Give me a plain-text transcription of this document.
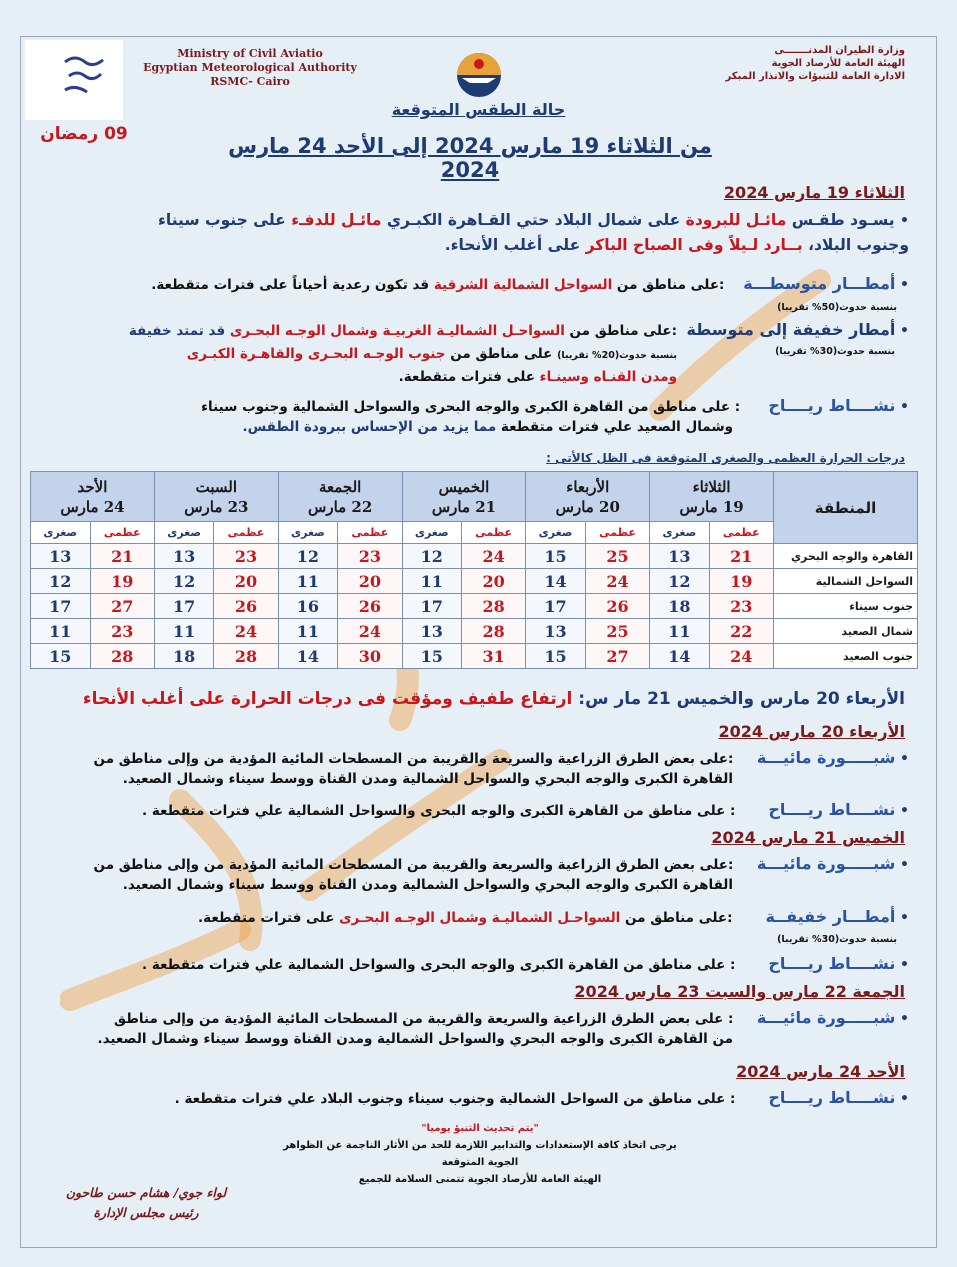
Ministry of Civil Aviatio
Egyptian Meteorological Authority
RSMC- Cairo
وزارة الطيران المدنـــــــى
الهيئة العامة للأرصاد الجوية
الادارة العامة للتنبؤات والانذار المبكر
09 رمضان
حالة الطقس المتوقعة
من الثلاثاء 19 مارس 2024 إلى الأحد 24 مارس 2024
الثلاثاء 19 مارس 2024
• يسـود طقـس مائـل للبرودة على شمال البلاد حتي القـاهرة الكبـري مائـل للدفـء على جنوب سيناء
وجنوب البلاد، بــارد لـيلاً وفى الصباح الباكر على أغلب الأنحاء.
• أمطـــار متوسطـــة    :على مناطق من السواحل الشمالية الشرقية قد تكون رعدية أحياناً على فترات متقطعة.
بنسبة حدوث(50% تقريبا)
• أمطار خفيفة إلى متوسطة  :على مناطق من السواحـل الشماليـة الغربيـة وشمال الوجـه البحـرى قد تمتد خفيفة
بنسبة حدوث(30% تقريبا)
بنسبة حدوث(20% تقريبا) على مناطق من جنوب الوجـه البحـرى والقاهـرة الكبـرى
ومدن القنـاه وسينـاء على فترات متقطعة.
• نشــــاط ريــــاح      : على مناطق من القاهرة الكبرى والوجه البحرى والسواحل الشمالية وجنوب سيناء
وشمال الصعيد علي فترات متقطعة مما يزيد من الإحساس ببرودة الطقس.
درجات الحرارة العظمى والصغرى المتوقعة فى الظل كالأتى :
المنطقة	الثلاثاء
19 مارس		الأربعاء
20 مارس		الخميس
21 مارس		الجمعة
22 مارس		السبت
23 مارس		الأحد
24 مارس	
	عظمى	صغرى	عظمى	صغرى	عظمى	صغرى	عظمى	صغرى	عظمى	صغرى	عظمى	صغرى
القاهرة والوجه البحري	21	13	25	15	24	12	23	12	23	13	21	13
السواحل الشمالية	19	12	24	14	20	11	20	11	20	12	19	12
جنوب سيناء	23	18	26	17	28	17	26	16	26	17	27	17
شمال الصعيد	22	11	25	13	28	13	24	11	24	11	23	11
جنوب الصعيد	24	14	27	15	31	15	30	14	28	18	28	15
الأربعاء 20 مارس والخميس 21 مار س: ارتفاع طفيف ومؤقت فى درجات الحرارة على أغلب الأنحاء
الأربعاء 20 مارس 2024
• شبـــــورة مائيـــة     :على بعض الطرق الزراعية والسريعة والقريبة من المسطحات المائية المؤدية من وإلى مناطق من
القاهرة الكبرى والوجه البحري والسواحل الشمالية ومدن القناة ووسط سيناء وشمال الصعيد.
• نشــــاط ريــــاح       : على مناطق من القاهرة الكبرى والوجه البحرى والسواحل الشمالية علي فترات متقطعة .
الخميس 21 مارس 2024
• شبـــــورة مائيـــة     :على بعض الطرق الزراعية والسريعة والقريبة من المسطحات المائية المؤدية من وإلى مناطق من
القاهرة الكبرى والوجه البحري والسواحل الشمالية ومدن القناة ووسط سيناء وشمال الصعيد.
• أمطـــار خفيفــة       :على مناطق من السواحـل الشماليـة وشمال الوجـه البحـرى على فترات متقطعة.
بنسبة حدوث(30% تقريبا)
• نشــــاط ريــــاح       : على مناطق من القاهرة الكبرى والوجه البحرى والسواحل الشمالية علي فترات متقطعة .
الجمعة 22 مارس والسبت 23 مارس 2024
• شبـــــورة مائيـــة     : على بعض الطرق الزراعية والسريعة والقريبة من المسطحات المائية المؤدية من وإلى مناطق
من القاهرة الكبرى والوجه البحري والسواحل الشمالية ومدن القناة ووسط سيناء وشمال الصعيد.
الأحد 24 مارس 2024
• نشــــاط ريــــاح       : على مناطق من السواحل الشمالية وجنوب سيناء وجنوب البلاد علي فترات متقطعة .
"يتم تحديث التنبؤ يوميا"
يرجى اتخاذ كافة الإستعدادات والتدابير اللازمة للحد من الأثار الناجمة عن الظواهر الجوية المتوقعة
الهيئة العامة للأرصاد الجوية تتمنى السلامة للجميع
لواء جوي/ هشام حسن طاحون
رئيس مجلس الإدارة
